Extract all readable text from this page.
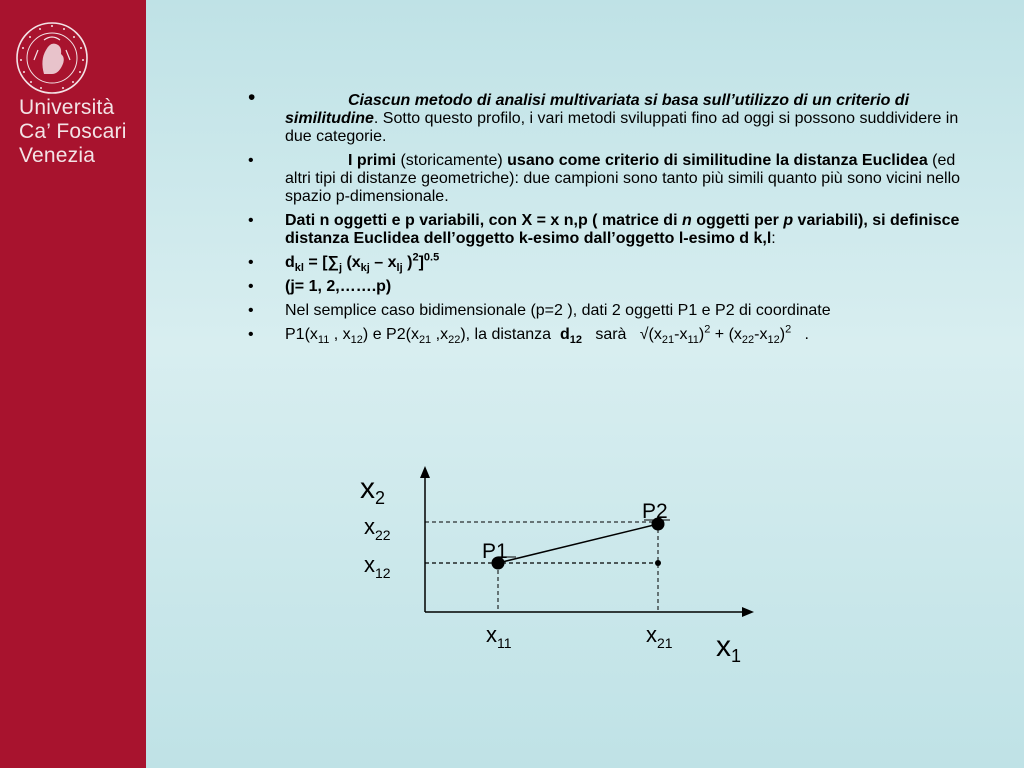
Università
Ca’ Foscari
Venezia
•	Ciascun metodo di analisi multivariata si basa sull’utilizzo di un criterio di similitudine. Sotto questo profilo, i vari metodi sviluppati fino ad oggi si possono suddividere in due categorie.
•	I primi (storicamente) usano come criterio di similitudine la distanza Euclidea (ed altri tipi di distanze geometriche): due campioni sono tanto più simili quanto più sono vicini nello spazio p-dimensionale.
•	Dati n oggetti e p variabili, con X = x n,p ( matrice di n oggetti per p variabili), si definisce distanza Euclidea dell’oggetto k-esimo dall’oggetto l-esimo d k,l:
•	$d_{kl} = [\sum_j$ ($x_{kj} - x_{lj}$ )$^2$]$^{0.5}$
•	(j= 1, 2,…….p)
•	Nel semplice caso bidimensionale (p=2 ), dati 2 oggetti P1 e P2 di coordinate
•	$P1(x_{11}$ , $x_{12}$) e $P2(x_{21}$ $,x_{22}$), la distanza $d_{12}$ sarà   $√(x_{21}-x_{11})^2 + (x_{22}-x_{12})^2$   .
$x_2$
$x_1$
$x_{22}$
$x_{12}$
$x_{11}$	$x_{21}$
P1
P2
